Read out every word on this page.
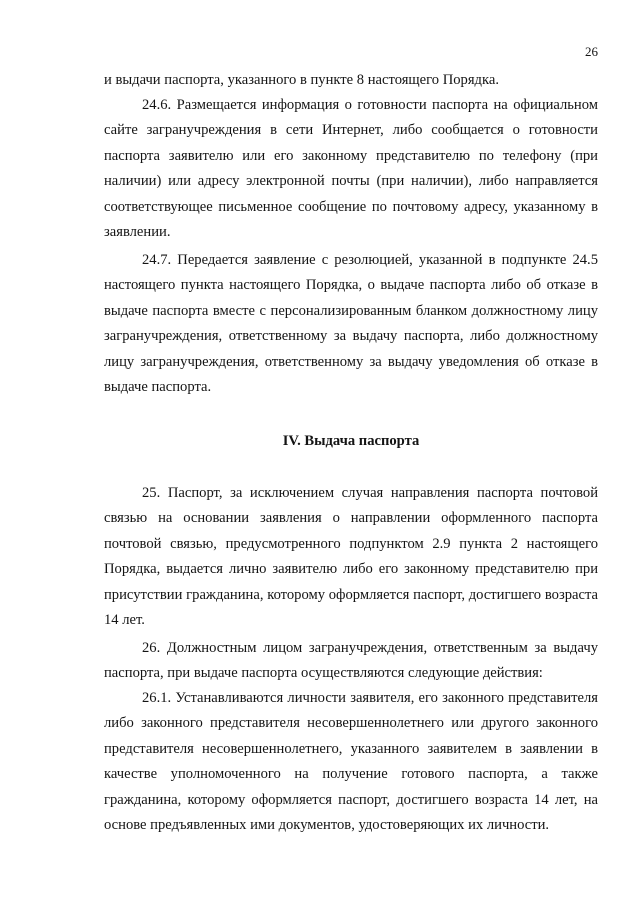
26

и выдачи паспорта, указанного в пункте 8 настоящего Порядка.

24.6. Размещается информация о готовности паспорта на официальном сайте загранучреждения в сети Интернет, либо сообщается о готовности паспорта заявителю или его законному представителю по телефону (при наличии) или адресу электронной почты (при наличии), либо направляется соответствующее письменное сообщение по почтовому адресу, указанному в заявлении.

24.7. Передается заявление с резолюцией, указанной в подпункте 24.5 настоящего пункта настоящего Порядка, о выдаче паспорта либо об отказе в выдаче паспорта вместе с персонализированным бланком должностному лицу загранучреждения, ответственному за выдачу паспорта, либо должностному лицу загранучреждения, ответственному за выдачу уведомления об отказе в выдаче паспорта.

IV. Выдача паспорта

25. Паспорт, за исключением случая направления паспорта почтовой связью на основании заявления о направлении оформленного паспорта почтовой связью, предусмотренного подпунктом 2.9 пункта 2 настоящего Порядка, выдается лично заявителю либо его законному представителю при присутствии гражданина, которому оформляется паспорт, достигшего возраста 14 лет.

26. Должностным лицом загранучреждения, ответственным за выдачу паспорта, при выдаче паспорта осуществляются следующие действия:

26.1. Устанавливаются личности заявителя, его законного представителя либо законного представителя несовершеннолетнего или другого законного представителя несовершеннолетнего, указанного заявителем в заявлении в качестве уполномоченного на получение готового паспорта, а также гражданина, которому оформляется паспорт, достигшего возраста 14 лет, на основе предъявленных ими документов, удостоверяющих их личности.
